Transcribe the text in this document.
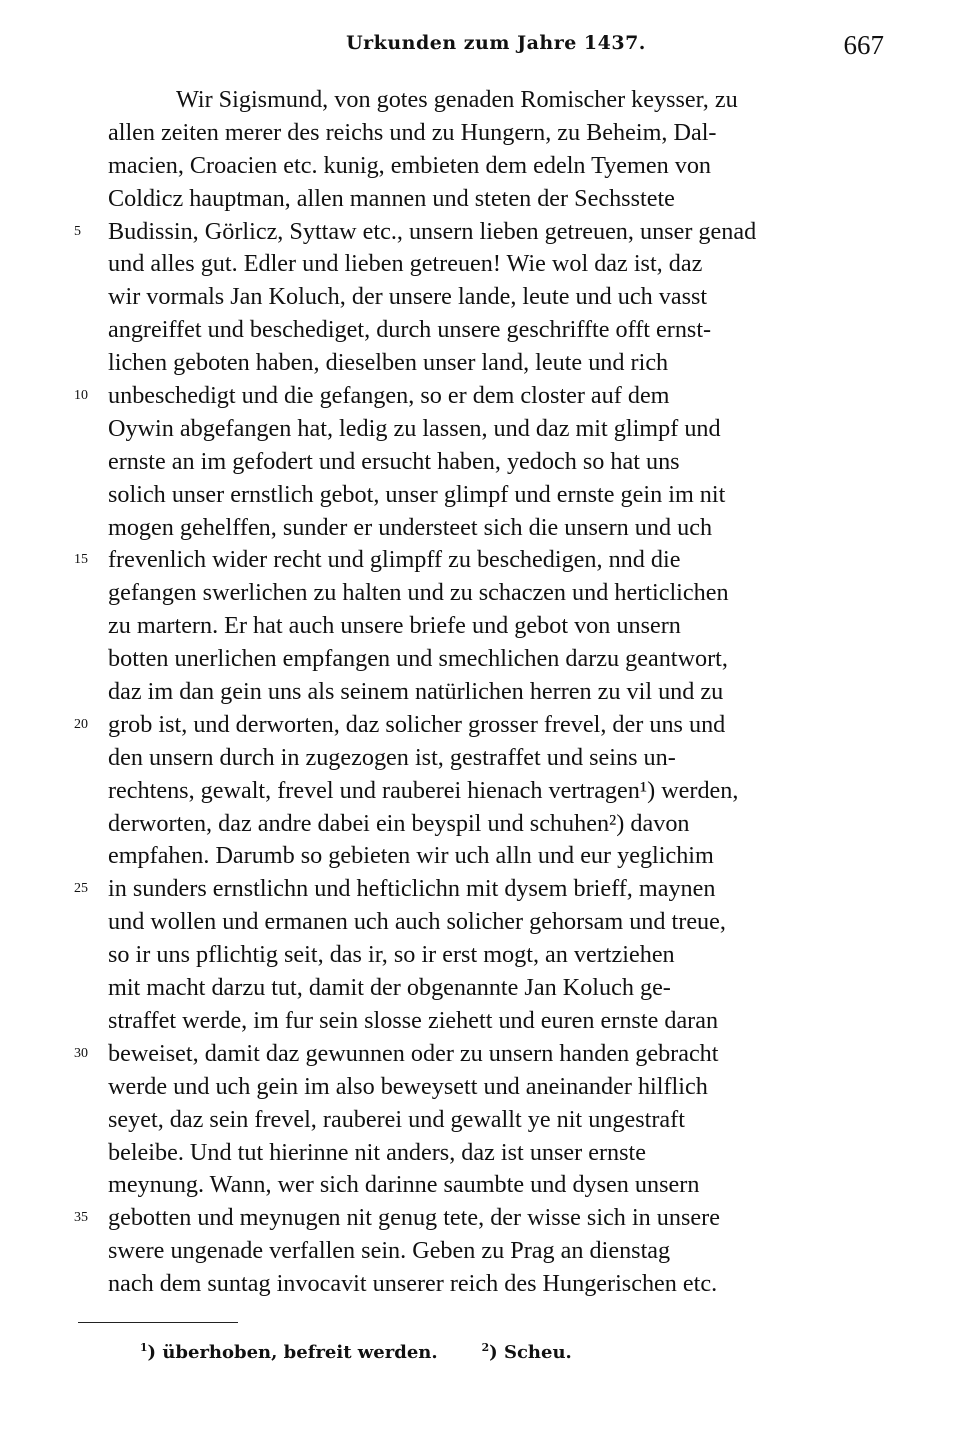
Urkunden zum Jahre 1437.	667
Wir Sigismund, von gotes genaden Romischer keysser, zu
allen zeiten merer des reichs und zu Hungern, zu Beheim, Dal-
macien, Croacien etc. kunig, embieten dem edeln Tyemen von
Coldicz hauptman, allen mannen und steten der Sechsstete
5	Budissin, Görlicz, Syttaw etc., unsern lieben getreuen, unser genad
und alles gut. Edler und lieben getreuen! Wie wol daz ist, daz
wir vormals Jan Koluch, der unsere lande, leute und uch vasst
angreiffet und beschediget, durch unsere geschriffte offt ernst-
lichen geboten haben, dieselben unser land, leute und rich
10 unbeschedigt und die gefangen, so er dem closter auf dem
Oywin abgefangen hat, ledig zu lassen, und daz mit glimpf und
ernste an im gefodert und ersucht haben, yedoch so hat uns
solich unser ernstlich gebot, unser glimpf und ernste gein im nit
mogen gehelffen, sunder er understeet sich die unsern und uch
15 frevenlich wider recht und glimpff zu beschedigen, nnd die
gefangen swerlichen zu halten und zu schaczen und herticlichen
zu martern. Er hat auch unsere briefe und gebot von unsern
botten unerlichen empfangen und smechlichen darzu geantwort,
daz im dan gein uns als seinem natürlichen herren zu vil und zu
20 grob ist, und derworten, daz solicher grosser frevel, der uns und
den unsern durch in zugezogen ist, gestraffet und seins un-
rechtens, gewalt, frevel und rauberei hienach vertragen¹) werden,
derworten, daz andre dabei ein beyspil und schuhen²) davon
empfahen. Darumb so gebieten wir uch alln und eur yeglichim
25 in sunders ernstlichn und hefticlichn mit dysem brieff, maynen
und wollen und ermanen uch auch solicher gehorsam und treue,
so ir uns pflichtig seit, das ir, so ir erst mogt, an vertziehen
mit macht darzu tut, damit der obgenannte Jan Koluch ge-
straffet werde, im fur sein slosse ziehett und euren ernste daran
30 beweiset, damit daz gewunnen oder zu unsern handen gebracht
werde und uch gein im also beweysett und aneinander hilflich
seyet, daz sein frevel, rauberei und gewallt ye nit ungestraft
beleibe. Und tut hierinne nit anders, daz ist unser ernste
meynung. Wann, wer sich darinne saumbte und dysen unsern
35 gebotten und meynugen nit genug tete, der wisse sich in unsere
swere ungenade verfallen sein. Geben zu Prag an dienstag
nach dem suntag invocavit unserer reich des Hungerischen etc.
$^1$) überhoben, befreit werden.	$^2$) Scheu.
